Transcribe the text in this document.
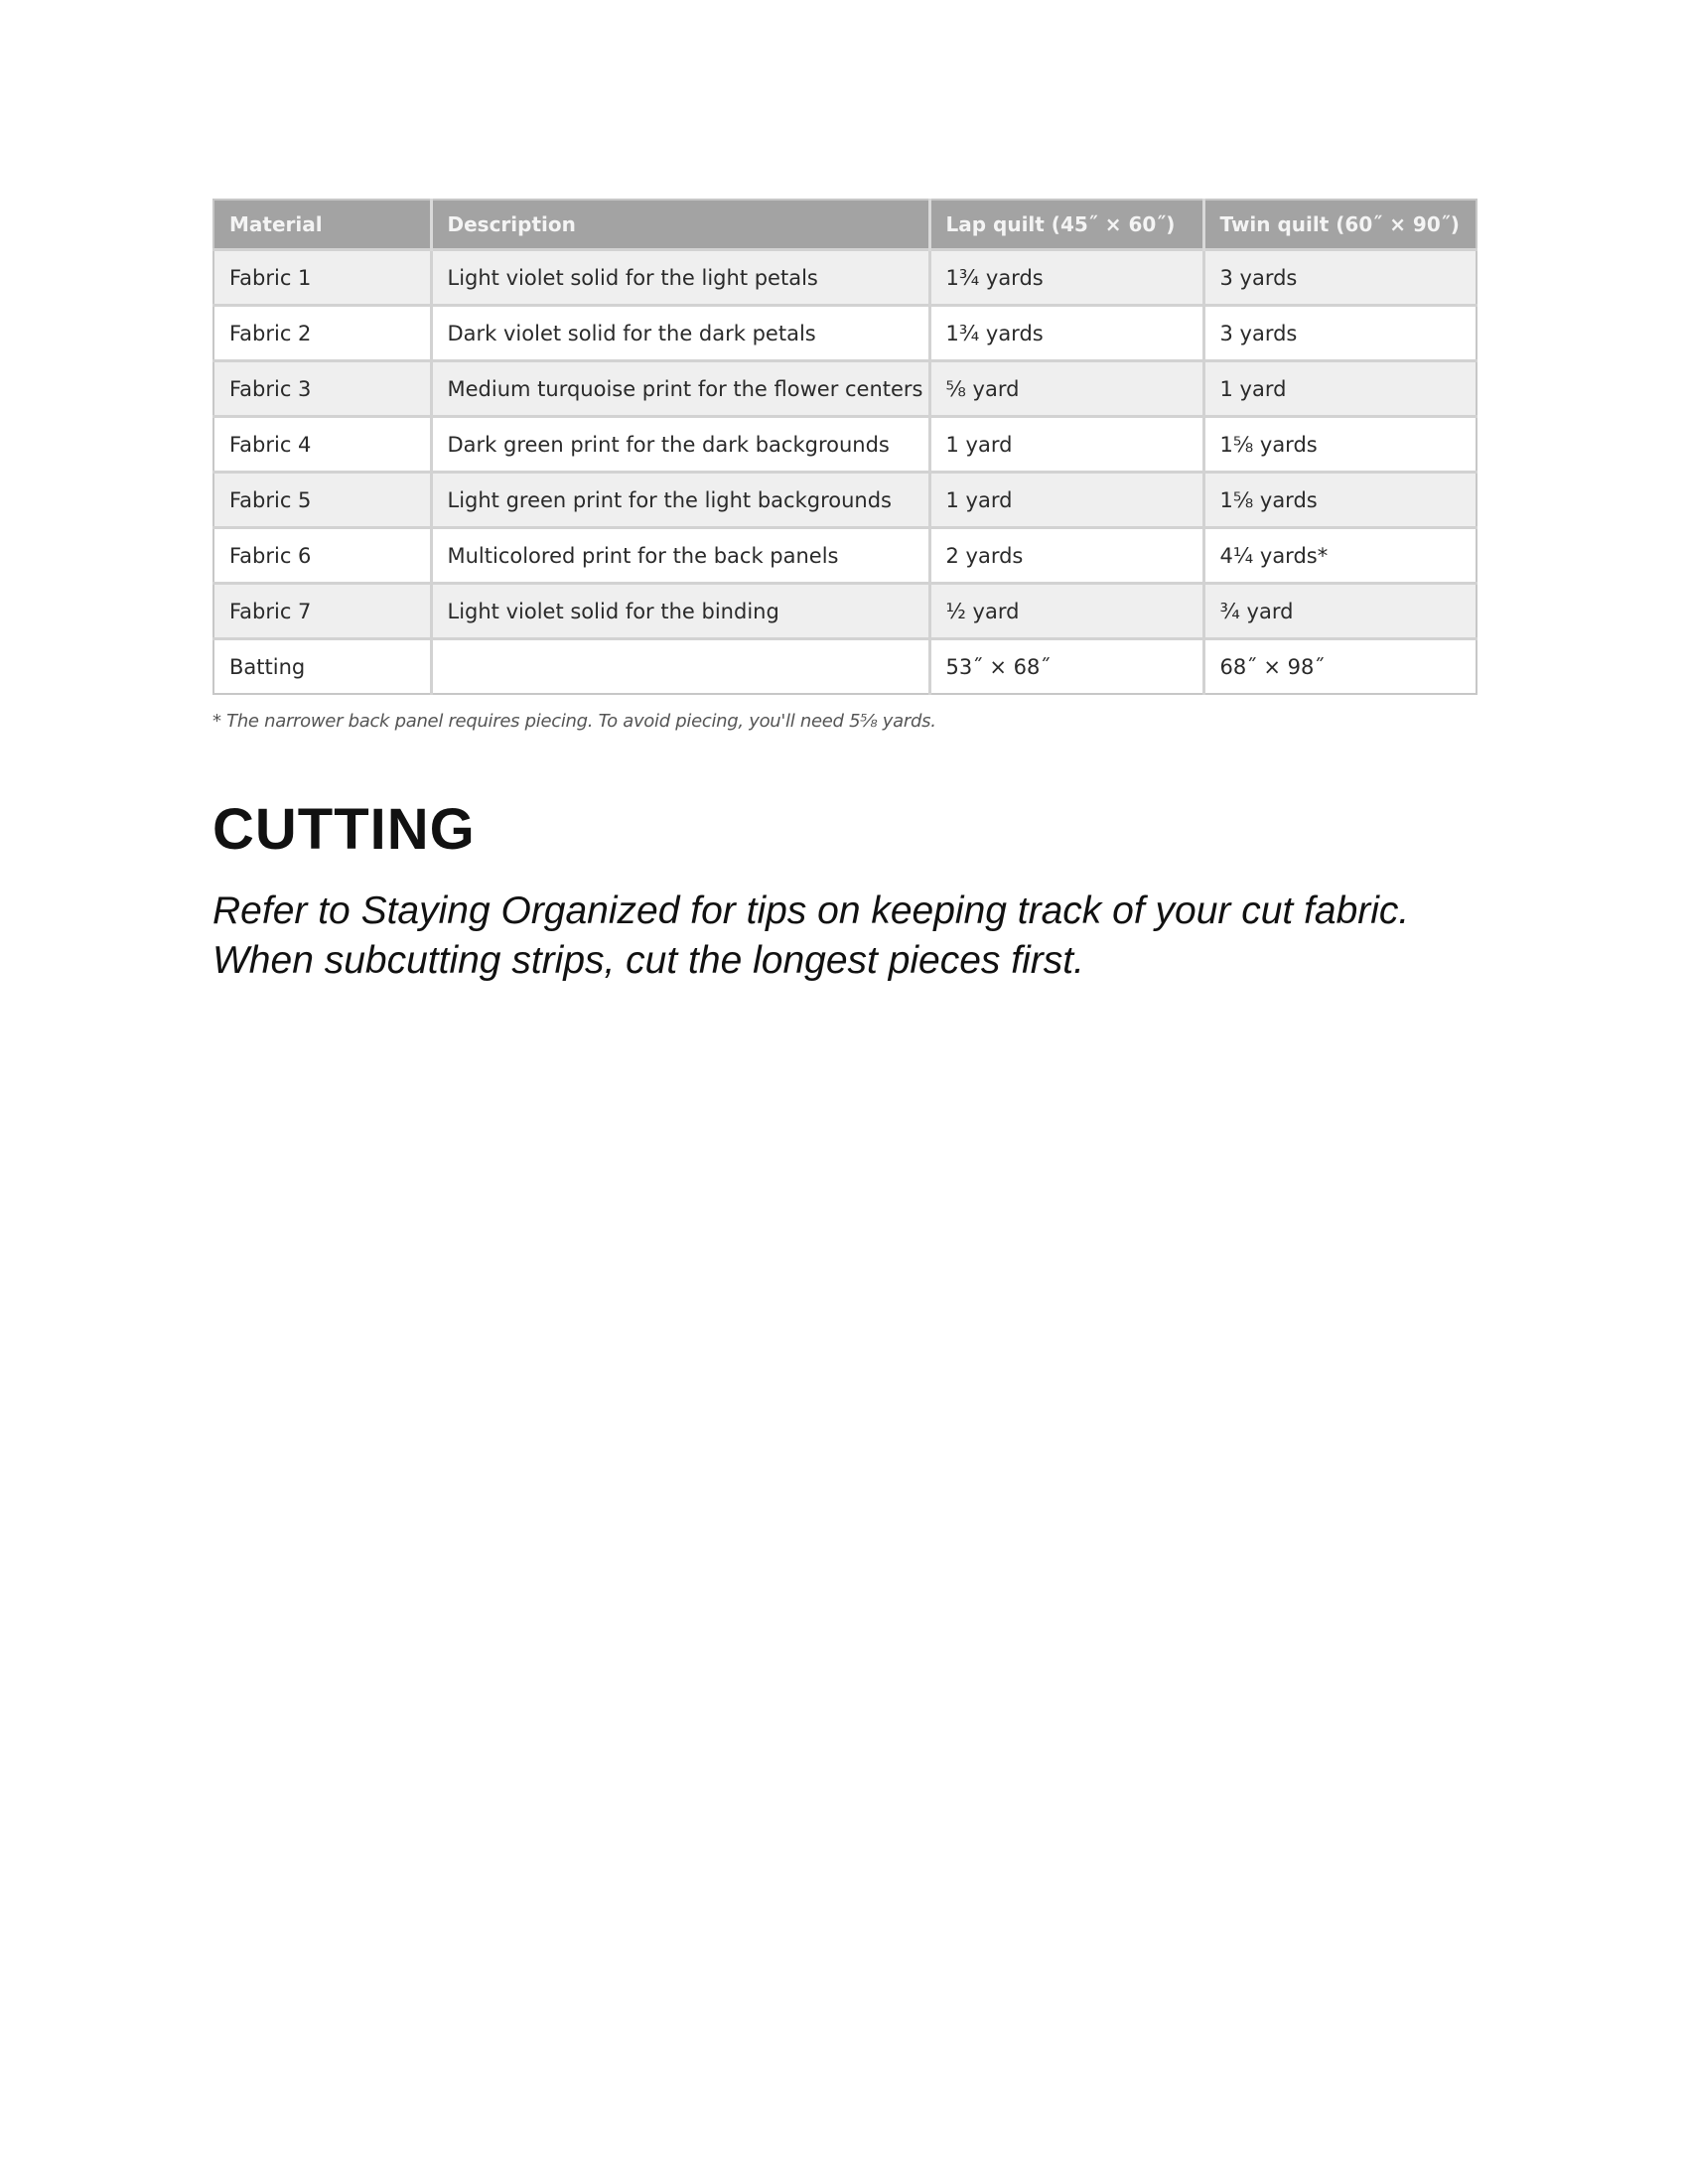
Material	Description	Lap quilt (45˝ × 60˝)	Twin quilt (60˝ × 90˝)
Fabric 1	Light violet solid for the light petals	1¾ yards	3 yards
Fabric 2	Dark violet solid for the dark petals	1¾ yards	3 yards
Fabric 3	Medium turquoise print for the flower centers	⅝ yard	1 yard
Fabric 4	Dark green print for the dark backgrounds	1 yard	1⅝ yards
Fabric 5	Light green print for the light backgrounds	1 yard	1⅝ yards
Fabric 6	Multicolored print for the back panels	2 yards	4¼ yards*
Fabric 7	Light violet solid for the binding	½ yard	¾ yard
Batting		53˝ × 68˝	68˝ × 98˝
* The narrower back panel requires piecing. To avoid piecing, you'll need 5⅝ yards.
CUTTING

Refer to Staying Organized for tips on keeping track of your cut fabric. When subcutting strips, cut the longest pieces first.
